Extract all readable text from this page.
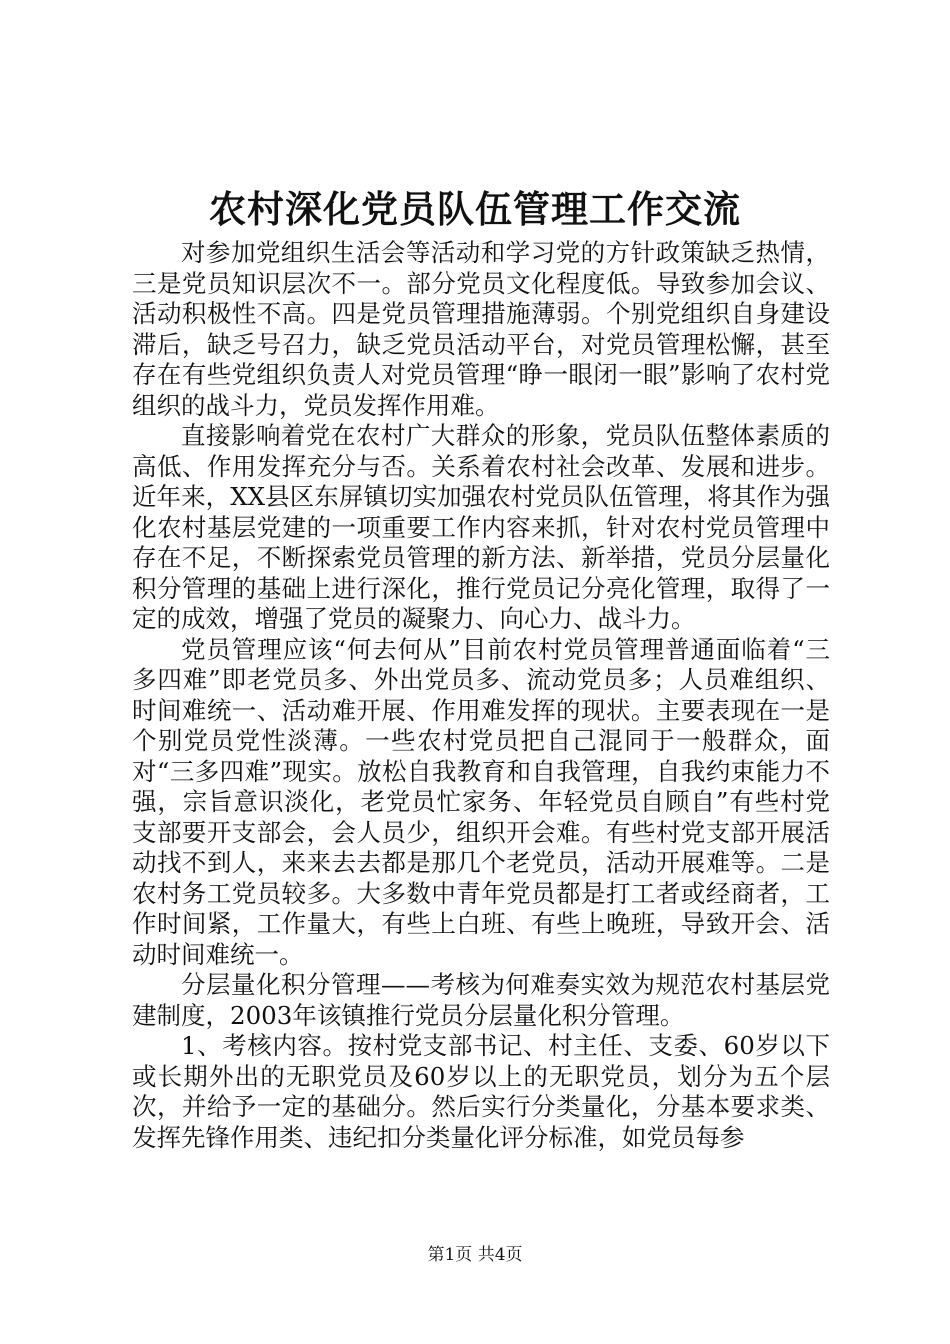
农村深化党员队伍管理工作交流

对参加党组织生活会等活动和学习党的方针政策缺乏热情，三是党员知识层次不一。部分党员文化程度低。导致参加会议、活动积极性不高。四是党员管理措施薄弱。个别党组织自身建设滞后，缺乏号召力，缺乏党员活动平台，对党员管理松懈，甚至存在有些党组织负责人对党员管理“睁一眼闭一眼”影响了农村党组织的战斗力，党员发挥作用难。

直接影响着党在农村广大群众的形象，党员队伍整体素质的高低、作用发挥充分与否。关系着农村社会改革、发展和进步。近年来，XX县区东屏镇切实加强农村党员队伍管理，将其作为强化农村基层党建的一项重要工作内容来抓，针对农村党员管理中存在不足，不断探索党员管理的新方法、新举措，党员分层量化积分管理的基础上进行深化，推行党员记分亮化管理，取得了一定的成效，增强了党员的凝聚力、向心力、战斗力。

党员管理应该“何去何从”目前农村党员管理普通面临着“三多四难”即老党员多、外出党员多、流动党员多；人员难组织、时间难统一、活动难开展、作用难发挥的现状。主要表现在一是个别党员党性淡薄。一些农村党员把自己混同于一般群众，面对“三多四难”现实。放松自我教育和自我管理，自我约束能力不强，宗旨意识淡化，老党员忙家务、年轻党员自顾自”有些村党支部要开支部会，会人员少，组织开会难。有些村党支部开展活动找不到人，来来去去都是那几个老党员，活动开展难等。二是农村务工党员较多。大多数中青年党员都是打工者或经商者，工作时间紧，工作量大，有些上白班、有些上晚班，导致开会、活动时间难统一。

分层量化积分管理——考核为何难奏实效为规范农村基层党建制度，2003年该镇推行党员分层量化积分管理。

1、考核内容。按村党支部书记、村主任、支委、60岁以下或长期外出的无职党员及60岁以上的无职党员，划分为五个层次，并给予一定的基础分。然后实行分类量化，分基本要求类、发挥先锋作用类、违纪扣分类量化评分标准，如党员每参

第1页 共4页
